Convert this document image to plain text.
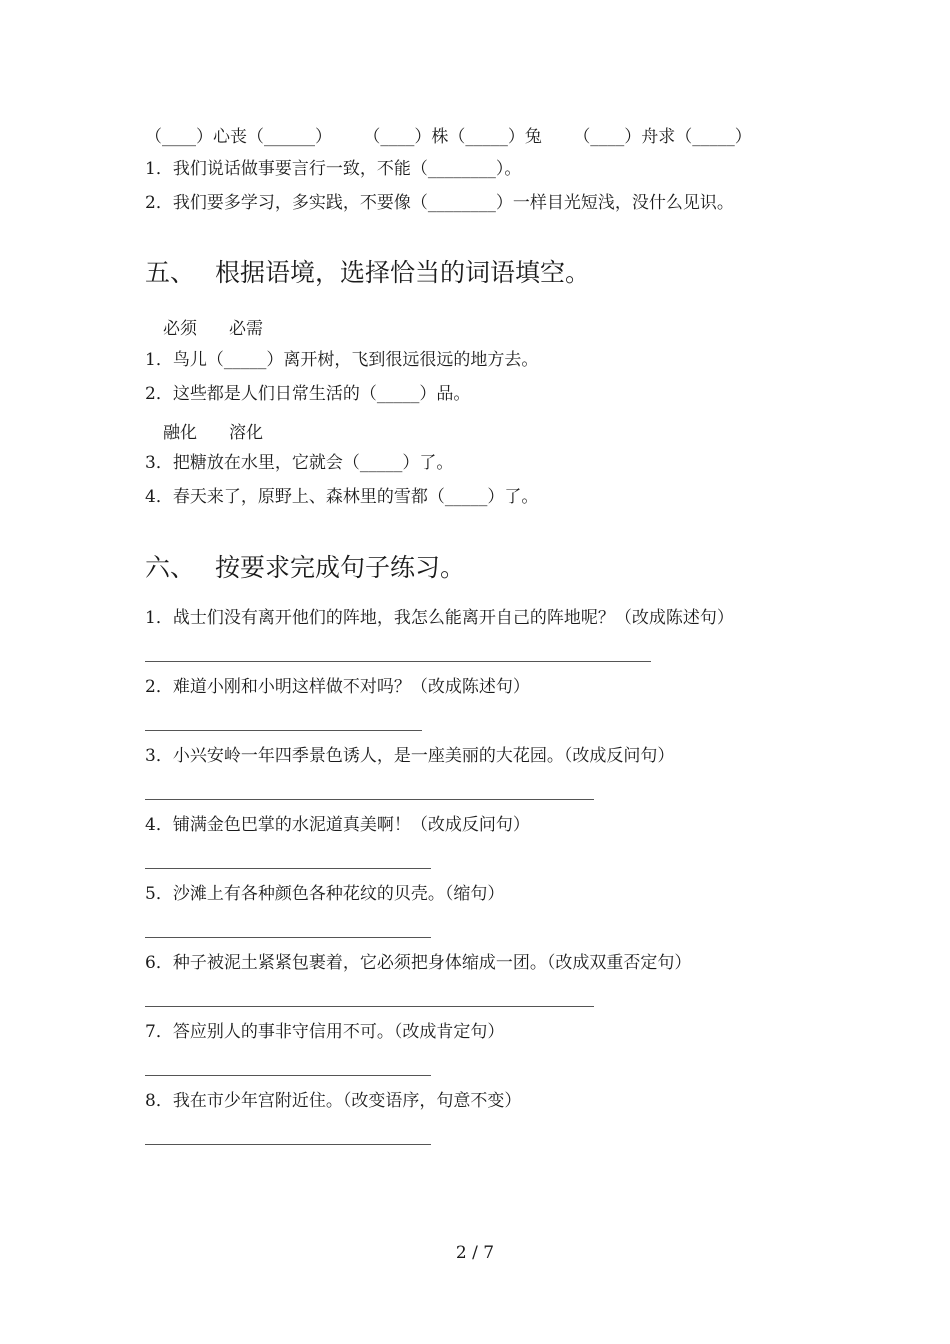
（____）心丧（______） （____）株（_____）兔 （____）舟求（_____）
1．我们说话做事要言行一致，不能（________）。
2．我们要多学习，多实践，不要像（________）一样目光短浅，没什么见识。
五、 根据语境，选择恰当的词语填空。
必须 必需
1．鸟儿（_____）离开树，飞到很远很远的地方去。
2．这些都是人们日常生活的（_____）品。
融化 溶化
3．把糖放在水里，它就会（_____）了。
4．春天来了，原野上、森林里的雪都（_____）了。
六、 按要求完成句子练习。
1．战士们没有离开他们的阵地，我怎么能离开自己的阵地呢？（改成陈述句）
2．难道小刚和小明这样做不对吗？（改成陈述句）
3．小兴安岭一年四季景色诱人，是一座美丽的大花园。（改成反问句）
4．铺满金色巴掌的水泥道真美啊！（改成反问句）
5．沙滩上有各种颜色各种花纹的贝壳。（缩句）
6．种子被泥土紧紧包裹着，它必须把身体缩成一团。（改成双重否定句）
7．答应别人的事非守信用不可。（改成肯定句）
8．我在市少年宫附近住。（改变语序，句意不变）
2 / 7
